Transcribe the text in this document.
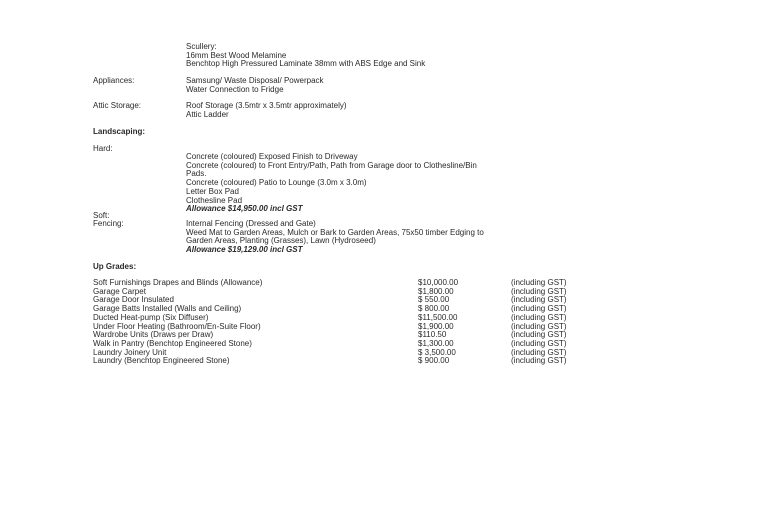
Scullery:
16mm Best Wood Melamine
Benchtop High Pressured Laminate 38mm with ABS Edge and Sink
Appliances:	Samsung/ Waste Disposal/ Powerpack
Water Connection to Fridge
Attic Storage:	Roof Storage (3.5mtr x 3.5mtr approximately)
Attic Ladder
Landscaping:
Hard:
Concrete (coloured) Exposed Finish to Driveway
Concrete (coloured) to Front Entry/Path, Path from Garage door to Clothesline/Bin
Pads.
Concrete (coloured) Patio to Lounge (3.0m x 3.0m)
Letter Box Pad
Clothesline Pad
Allowance $14,950.00 incl GST
Soft:
Fencing:	Internal Fencing (Dressed and Gate)
Weed Mat to Garden Areas, Mulch or Bark to Garden Areas, 75x50 timber Edging to
Garden Areas, Planting (Grasses), Lawn (Hydroseed)
Allowance $19,129.00 incl GST
Up Grades:
Soft Furnishings Drapes and Blinds (Allowance)	$10,000.00	(including GST)
Garage Carpet	$1,800.00	(including GST)
Garage Door Insulated	$ 550.00	(including GST)
Garage Batts Installed (Walls and Ceiling)	$ 800.00	(including GST)
Ducted Heat-pump (Six Diffuser)	$11,500.00	(including GST)
Under Floor Heating (Bathroom/En-Suite Floor)	$1,900.00	(including GST)
Wardrobe Units (Draws per Draw)	$110.50	(including GST)
Walk in Pantry (Benchtop Engineered Stone)	$1,300.00	(including GST)
Laundry Joinery Unit	$ 3,500.00	(including GST)
Laundry (Benchtop Engineered Stone)	$ 900.00	(including GST)
